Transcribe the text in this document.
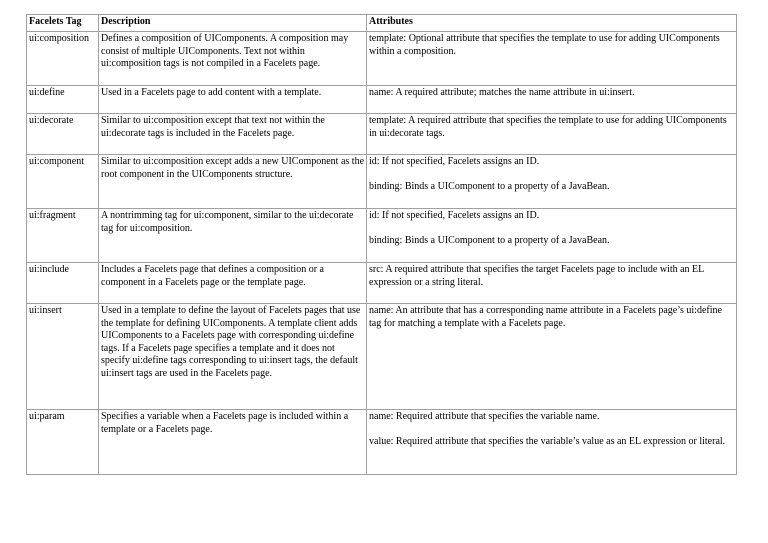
Facelets Tag	Description	Attributes
ui:composition	Defines a composition of UIComponents. A composition may consist of multiple UIComponents. Text not within ui:composition tags is not compiled in a Facelets page.	template: Optional attribute that specifies the template to use for adding UIComponents within a composition.

ui:define	Used in a Facelets page to add content with a template.	name: A required attribute; matches the name attribute in ui:insert.

ui:decorate	Similar to ui:composition except that text not within the ui:decorate tags is included in the Facelets page.	template: A required attribute that specifies the template to use for adding UIComponents in ui:decorate tags.

ui:component	Similar to ui:composition except adds a new UIComponent as the root component in the UIComponents structure.	id: If not specified, Facelets assigns an ID.
binding: Binds a UIComponent to a property of a JavaBean.

ui:fragment	A nontrimming tag for ui:component, similar to the ui:decorate tag for ui:composition.	id: If not specified, Facelets assigns an ID.
binding: Binds a UIComponent to a property of a JavaBean.

ui:include	Includes a Facelets page that defines a composition or a component in a Facelets page or the template page.	src: A required attribute that specifies the target Facelets page to include with an EL expression or a string literal.

ui:insert	Used in a template to define the layout of Facelets pages that use the template for defining UIComponents. A template client adds UIComponents to a Facelets page with corresponding ui:define tags. If a Facelets page specifies a template and it does not specify ui:define tags corresponding to ui:insert tags, the default ui:insert tags are used in the Facelets page.	name: An attribute that has a corresponding name attribute in a Facelets page’s ui:define tag for matching a template with a Facelets page.

ui:param	Specifies a variable when a Facelets page is included within a template or a Facelets page.	name: Required attribute that specifies the variable name.
value: Required attribute that specifies the variable’s value as an EL expression or literal.
